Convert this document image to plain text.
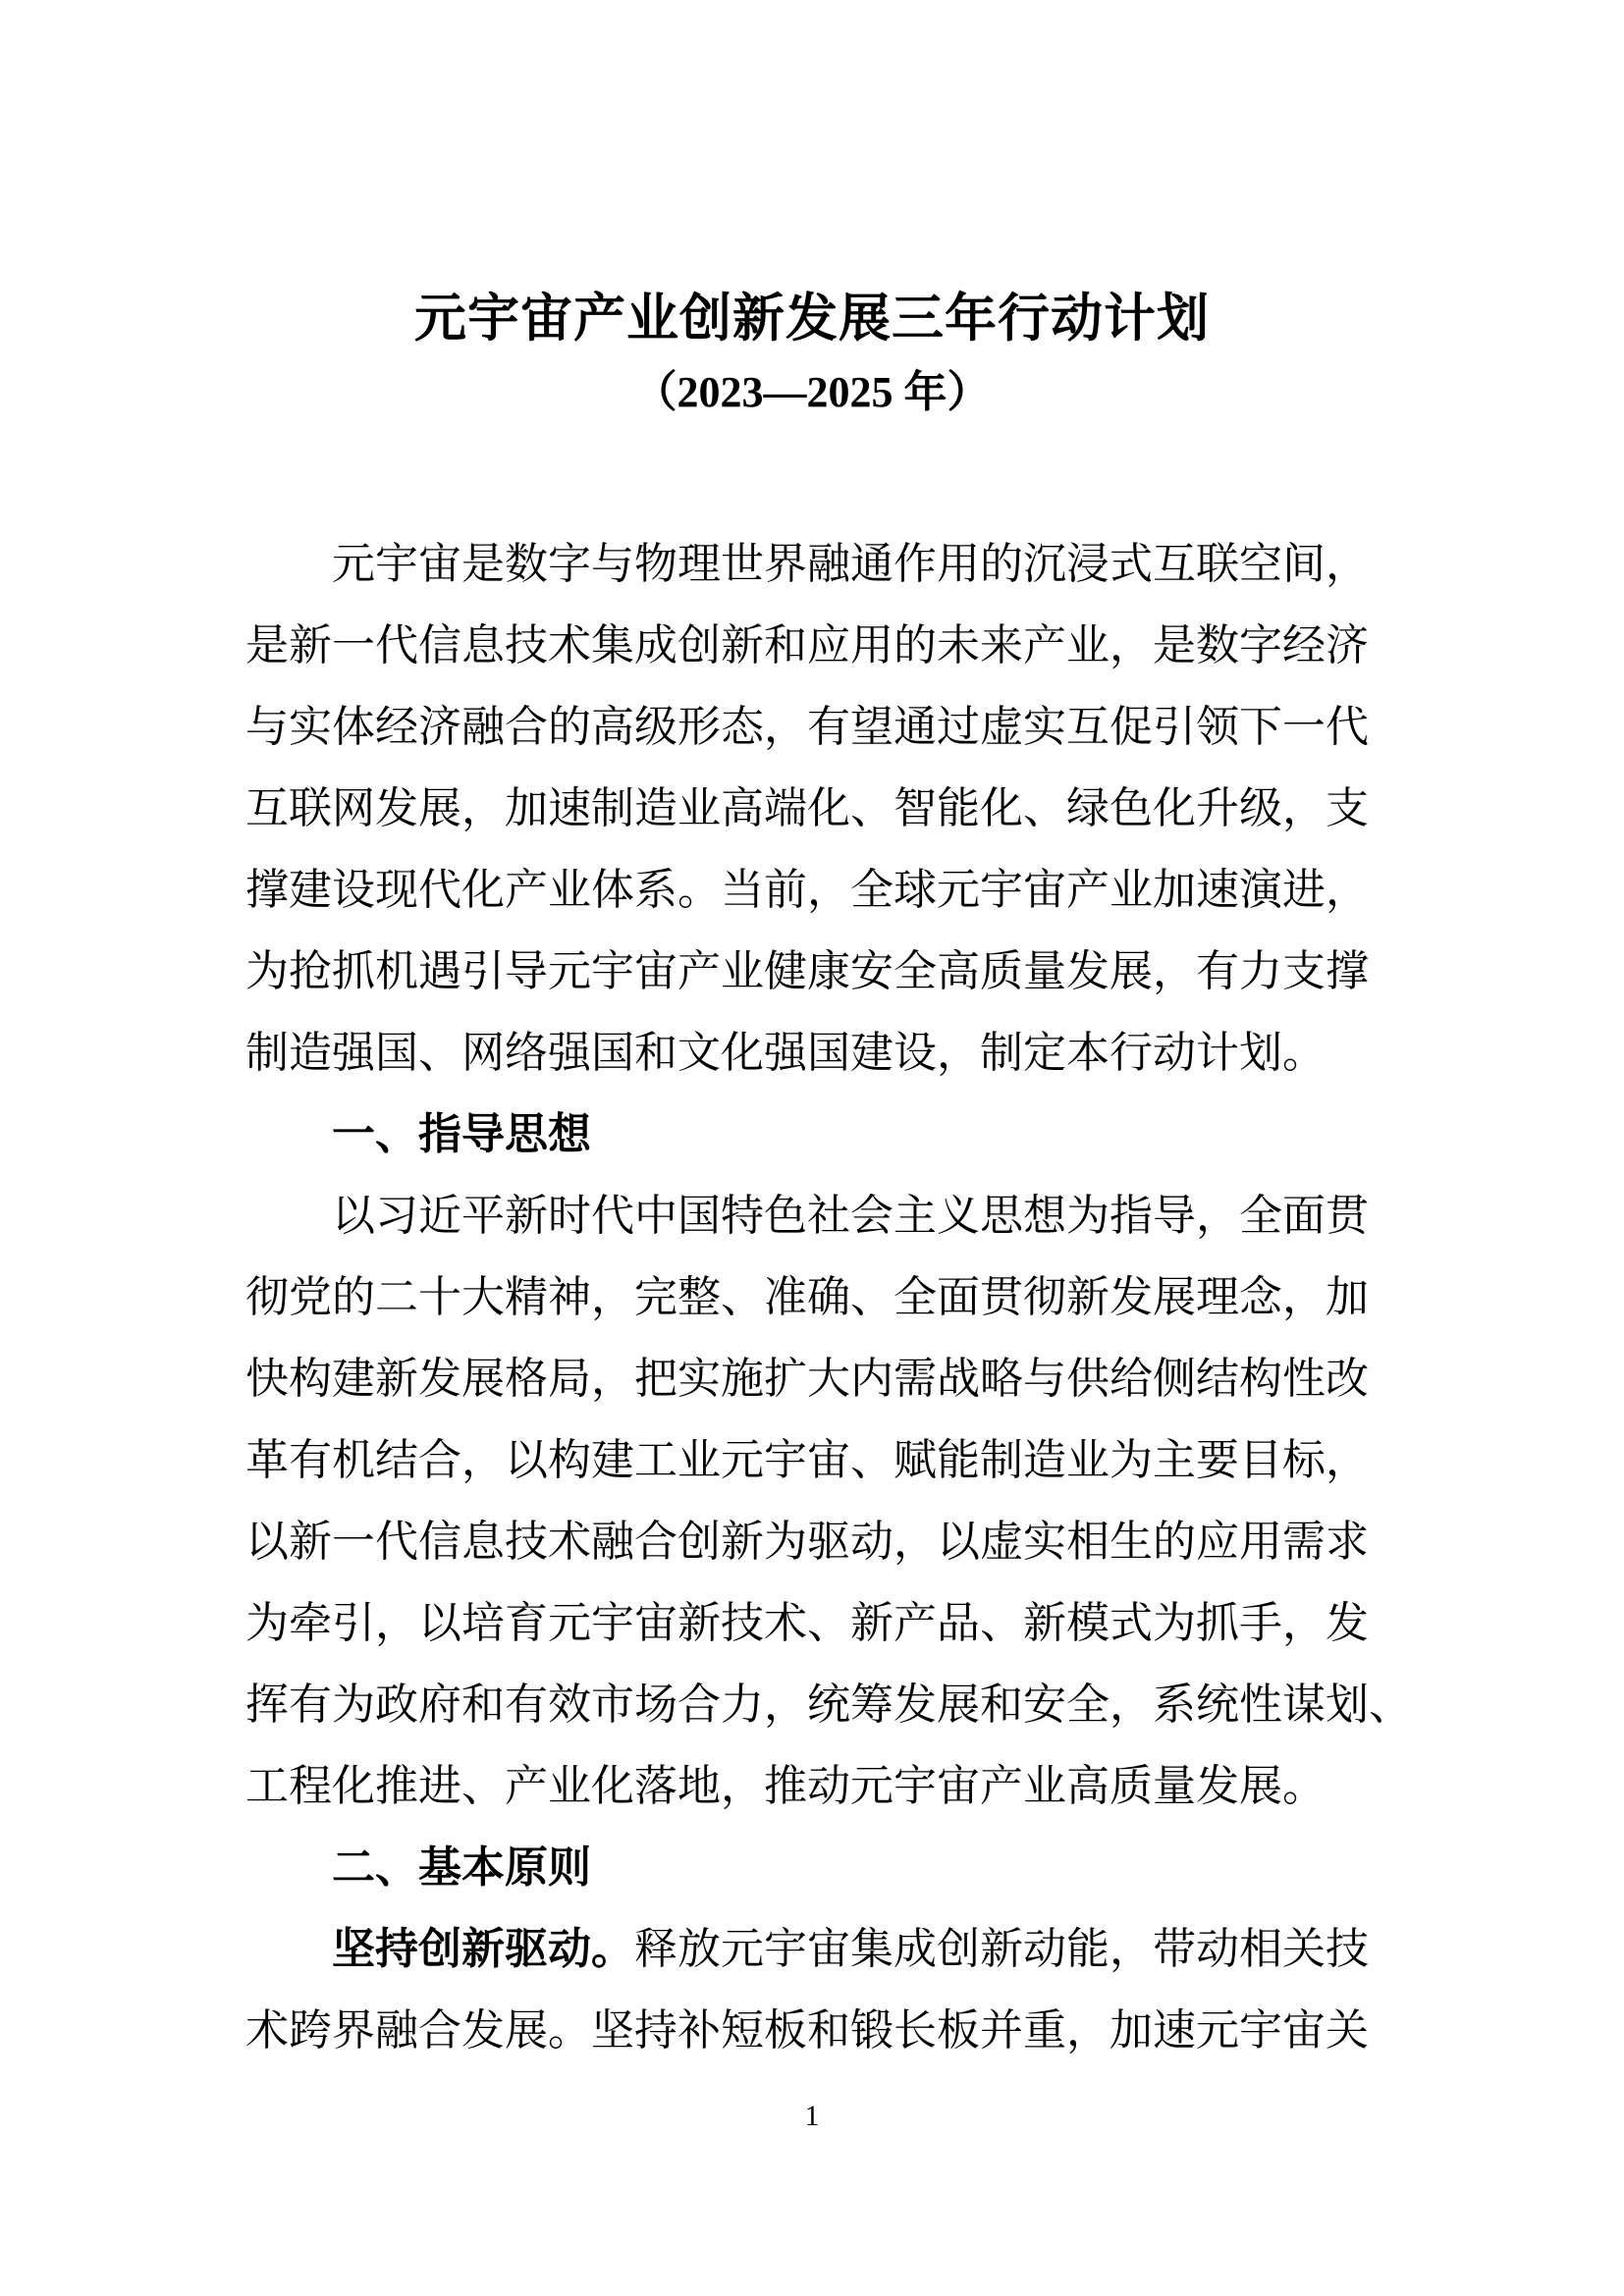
元宇宙产业创新发展三年行动计划
（2023—2025 年）
元宇宙是数字与物理世界融通作用的沉浸式互联空间，
是新一代信息技术集成创新和应用的未来产业，是数字经济
与实体经济融合的高级形态，有望通过虚实互促引领下一代
互联网发展，加速制造业高端化、智能化、绿色化升级，支
撑建设现代化产业体系。当前，全球元宇宙产业加速演进，
为抢抓机遇引导元宇宙产业健康安全高质量发展，有力支撑
制造强国、网络强国和文化强国建设，制定本行动计划。
一、指导思想
以习近平新时代中国特色社会主义思想为指导，全面贯
彻党的二十大精神，完整、准确、全面贯彻新发展理念，加
快构建新发展格局，把实施扩大内需战略与供给侧结构性改
革有机结合，以构建工业元宇宙、赋能制造业为主要目标，
以新一代信息技术融合创新为驱动，以虚实相生的应用需求
为牵引，以培育元宇宙新技术、新产品、新模式为抓手，发
挥有为政府和有效市场合力，统筹发展和安全，系统性谋划、
工程化推进、产业化落地，推动元宇宙产业高质量发展。
二、基本原则
坚持创新驱动。释放元宇宙集成创新动能，带动相关技
术跨界融合发展。坚持补短板和锻长板并重，加速元宇宙关
1
